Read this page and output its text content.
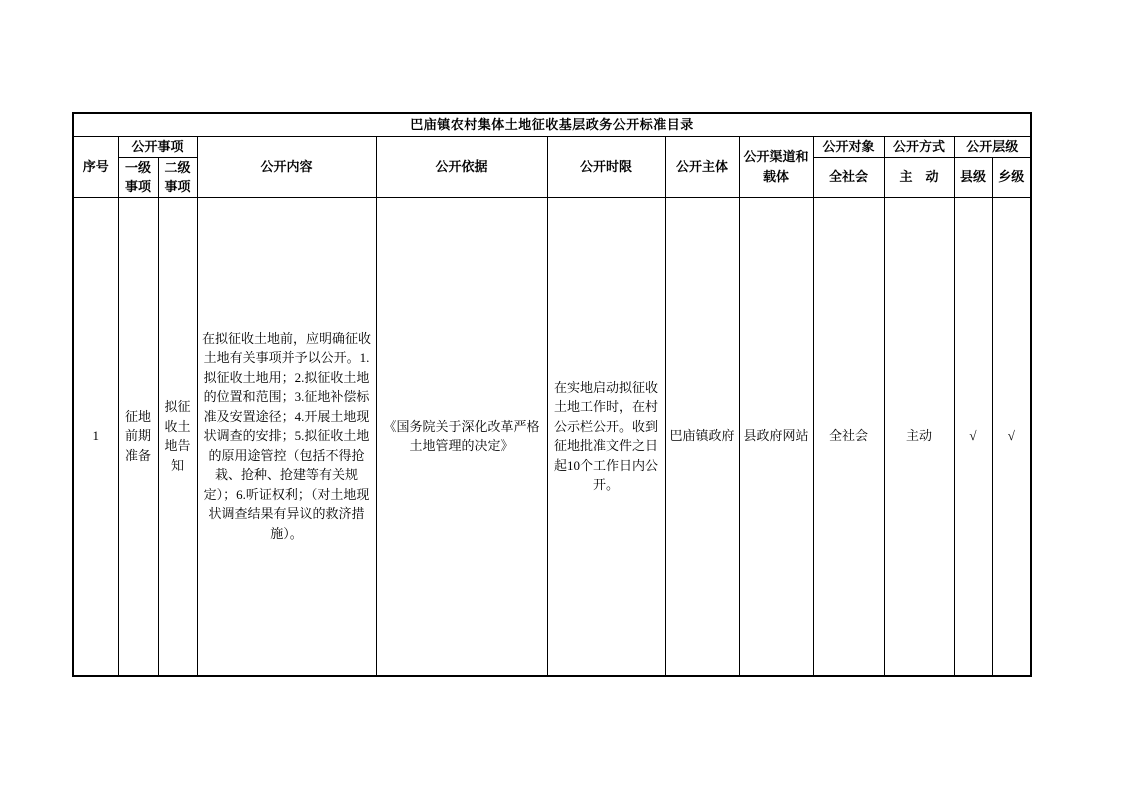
巴庙镇农村集体土地征收基层政务公开标准目录											
序号	公开事项		公开内容	公开依据	公开时限	公开主体	公开渠道和载体	公开对象	公开方式	公开层级	
	一级事项	二级事项						全社会	主　动	县级	乡级
1	征地前期准备	拟征收土地告知	在拟征收土地前，应明确征收土地有关事项并予以公开。1.拟征收土地用；2.拟征收土地的位置和范围；3.征地补偿标准及安置途径；4.开展土地现状调查的安排；5.拟征收土地的原用途管控（包括不得抢栽、抢种、抢建等有关规定）；6.听证权利；（对土地现状调查结果有异议的救济措施）。	《国务院关于深化改革严格土地管理的决定》	在实地启动拟征收土地工作时，在村公示栏公开。收到征地批准文件之日起10个工作日内公开。	巴庙镇政府	县政府网站	全社会	主动	√	√
